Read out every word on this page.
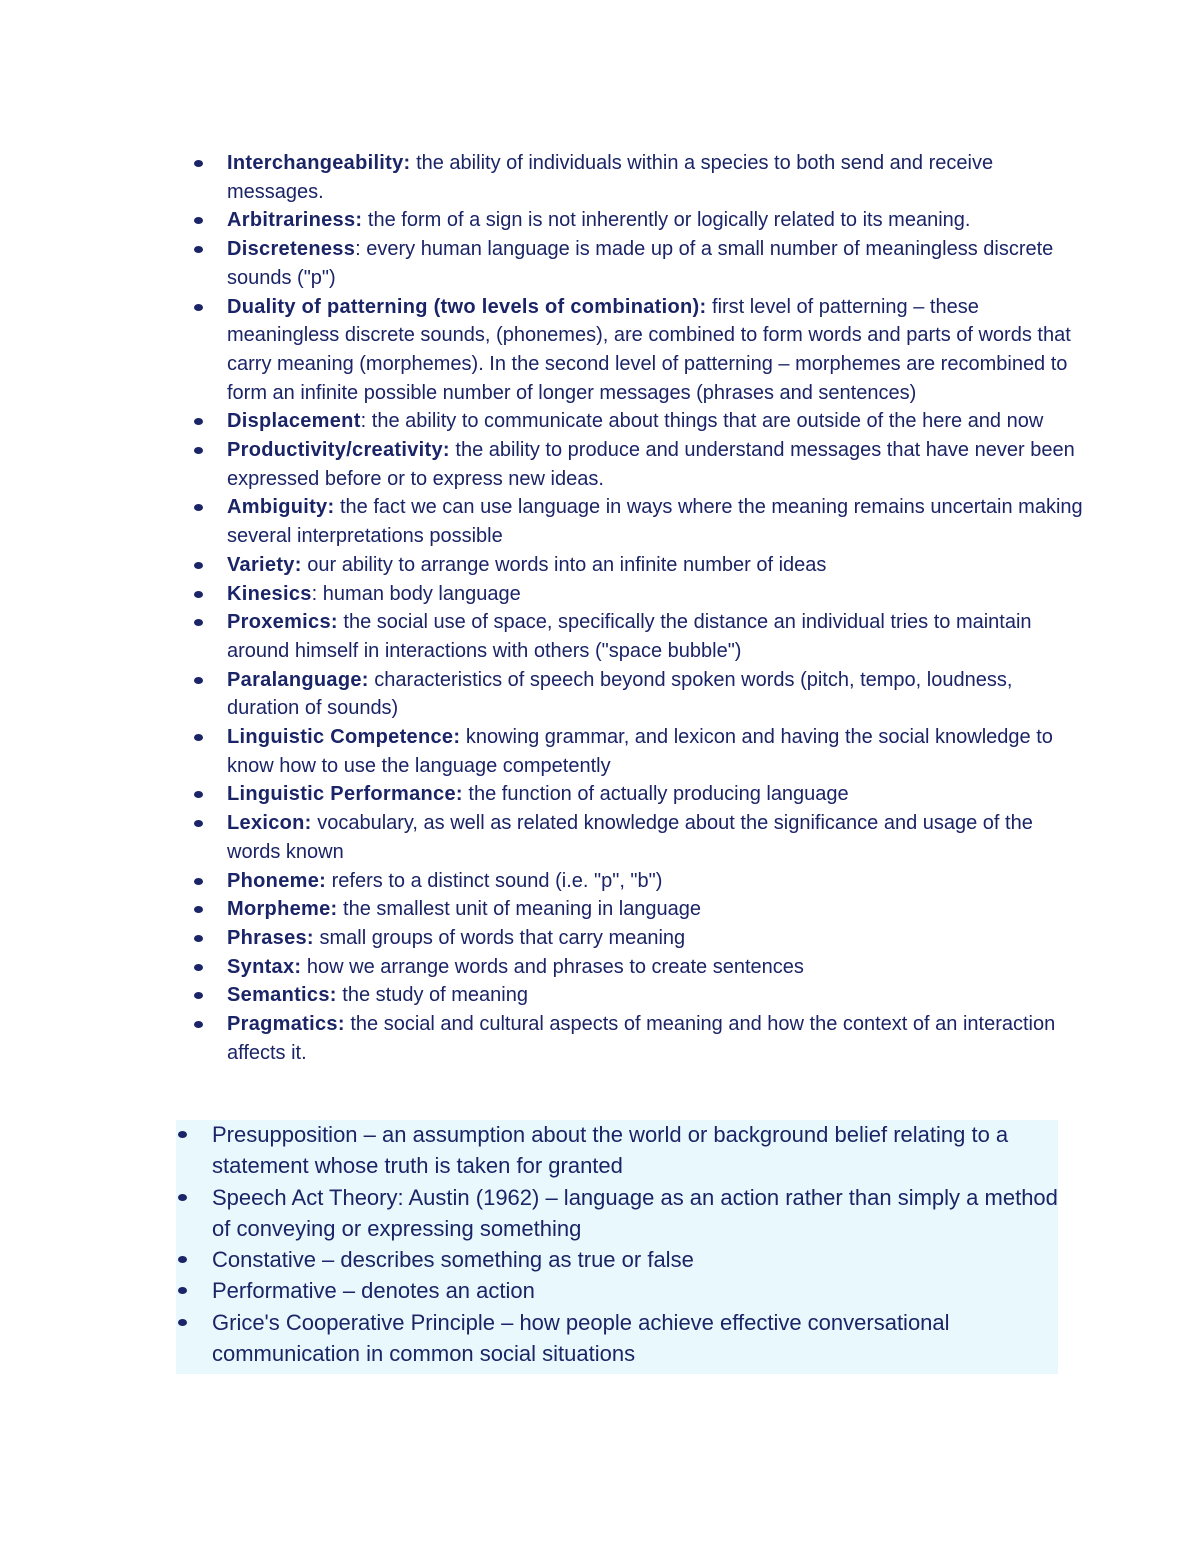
Interchangeability: the ability of individuals within a species to both send and receive messages.
Arbitrariness: the form of a sign is not inherently or logically related to its meaning.
Discreteness: every human language is made up of a small number of meaningless discrete sounds ("p")
Duality of patterning (two levels of combination): first level of patterning – these meaningless discrete sounds, (phonemes), are combined to form words and parts of words that carry meaning (morphemes). In the second level of patterning – morphemes are recombined to form an infinite possible number of longer messages (phrases and sentences)
Displacement: the ability to communicate about things that are outside of the here and now
Productivity/creativity: the ability to produce and understand messages that have never been expressed before or to express new ideas.
Ambiguity: the fact we can use language in ways where the meaning remains uncertain making several interpretations possible
Variety: our ability to arrange words into an infinite number of ideas
Kinesics: human body language
Proxemics: the social use of space, specifically the distance an individual tries to maintain around himself in interactions with others ("space bubble")
Paralanguage: characteristics of speech beyond spoken words (pitch, tempo, loudness, duration of sounds)
Linguistic Competence: knowing grammar, and lexicon and having the social knowledge to know how to use the language competently
Linguistic Performance: the function of actually producing language
Lexicon: vocabulary, as well as related knowledge about the significance and usage of the words known
Phoneme: refers to a distinct sound (i.e. "p", "b")
Morpheme: the smallest unit of meaning in language
Phrases: small groups of words that carry meaning
Syntax: how we arrange words and phrases to create sentences
Semantics: the study of meaning
Pragmatics: the social and cultural aspects of meaning and how the context of an interaction affects it.
Presupposition – an assumption about the world or background belief relating to a statement whose truth is taken for granted
Speech Act Theory: Austin (1962) – language as an action rather than simply a method of conveying or expressing something
Constative – describes something as true or false
Performative – denotes an action
Grice's Cooperative Principle – how people achieve effective conversational communication in common social situations
